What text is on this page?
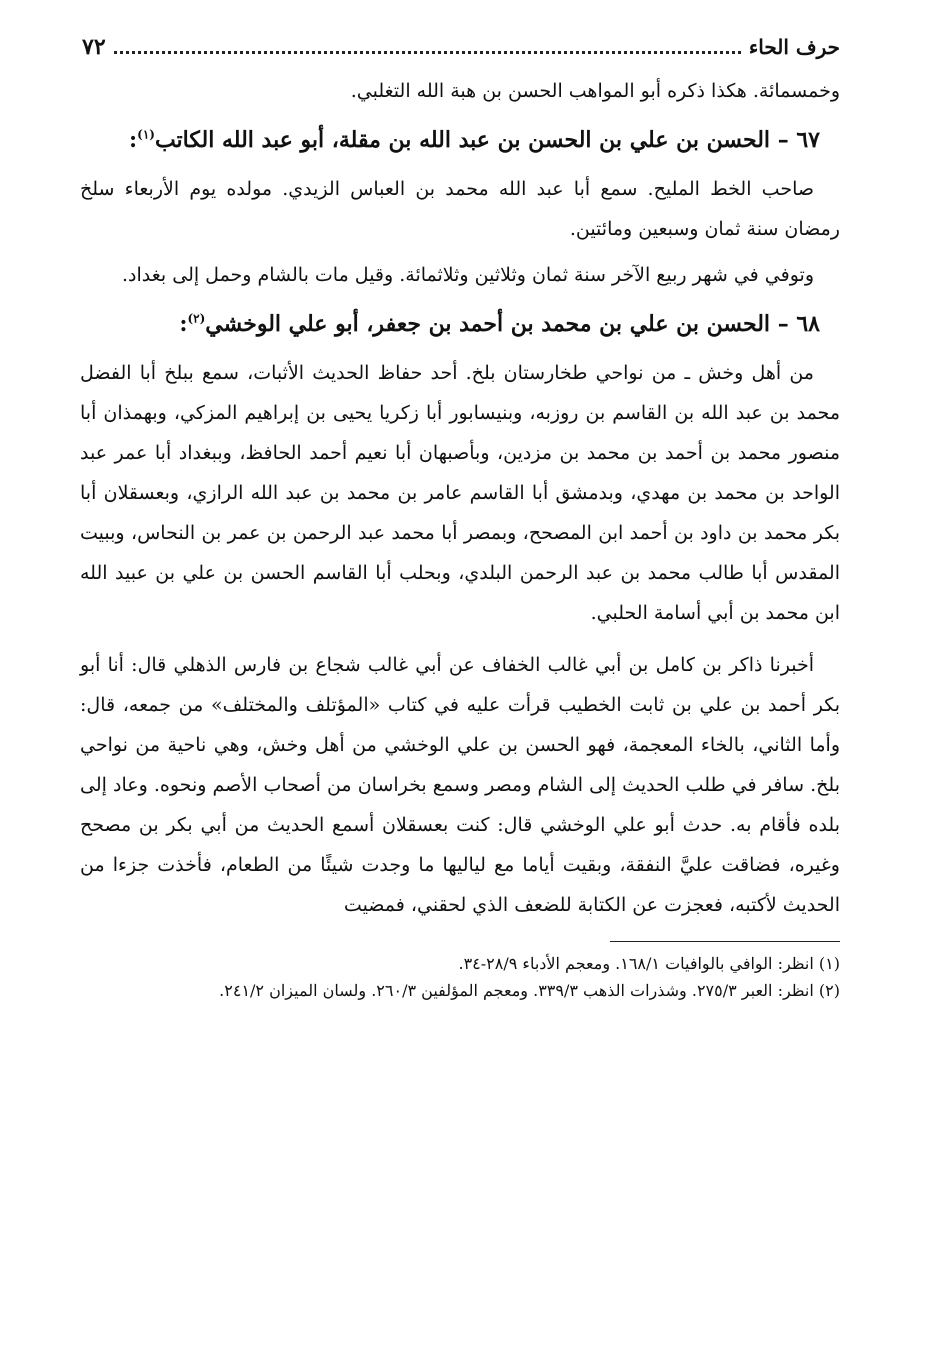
حرف الحاء
٧٢

وخمسمائة. هكذا ذكره أبو المواهب الحسن بن هبة الله التغلبي.

٦٧ – الحسن بن علي بن الحسن بن عبد الله بن مقلة، أبو عبد الله الكاتب$^{(١)}$:

صاحب الخط المليح. سمع أبا عبد الله محمد بن العباس الزيدي. مولده يوم الأربعاء سلخ رمضان سنة ثمان وسبعين ومائتين.

وتوفي في شهر ربيع الآخر سنة ثمان وثلاثين وثلاثمائة. وقيل مات بالشام وحمل إلى بغداد.

٦٨ – الحسن بن علي بن محمد بن أحمد بن جعفر، أبو علي الوخشي$^{(٢)}$:

من أهل وخش ـ من نواحي طخارستان بلخ. أحد حفاظ الحديث الأثبات، سمع ببلخ أبا الفضل محمد بن عبد الله بن القاسم بن روزبه، وبنيسابور أبا زكريا يحيى بن إبراهيم المزكي، وبهمذان أبا منصور محمد بن أحمد بن محمد بن مزدين، وبأصبهان أبا نعيم أحمد الحافظ، وببغداد أبا عمر عبد الواحد بن محمد بن مهدي، وبدمشق أبا القاسم عامر بن محمد بن عبد الله الرازي، وبعسقلان أبا بكر محمد بن داود بن أحمد ابن المصحح، وبمصر أبا محمد عبد الرحمن بن عمر بن النحاس، وببيت المقدس أبا طالب محمد بن عبد الرحمن البلدي، وبحلب أبا القاسم الحسن بن علي بن عبيد الله ابن محمد بن أبي أسامة الحلبي.

أخبرنا ذاكر بن كامل بن أبي غالب الخفاف عن أبي غالب شجاع بن فارس الذهلي قال: أنا أبو بكر أحمد بن علي بن ثابت الخطيب قرأت عليه في كتاب «المؤتلف والمختلف» من جمعه، قال: وأما الثاني، بالخاء المعجمة، فهو الحسن بن علي الوخشي من أهل وخش، وهي ناحية من نواحي بلخ. سافر في طلب الحديث إلى الشام ومصر وسمع بخراسان من أصحاب الأصم ونحوه. وعاد إلى بلده فأقام به. حدث أبو علي الوخشي قال: كنت بعسقلان أسمع الحديث من أبي بكر بن مصحح وغيره، فضاقت عليَّ النفقة، وبقيت أياما مع لياليها ما وجدت شيئًا من الطعام، فأخذت جزءا من الحديث لأكتبه، فعجزت عن الكتابة للضعف الذي لحقني، فمضيت

(١) انظر: الوافي بالوافيات ١٦٨/١. ومعجم الأدباء ٢٨/٩-٣٤.
(٢) انظر: العبر ٢٧٥/٣. وشذرات الذهب ٣٣٩/٣. ومعجم المؤلفين ٢٦٠/٣. ولسان الميزان ٢٤١/٢.
